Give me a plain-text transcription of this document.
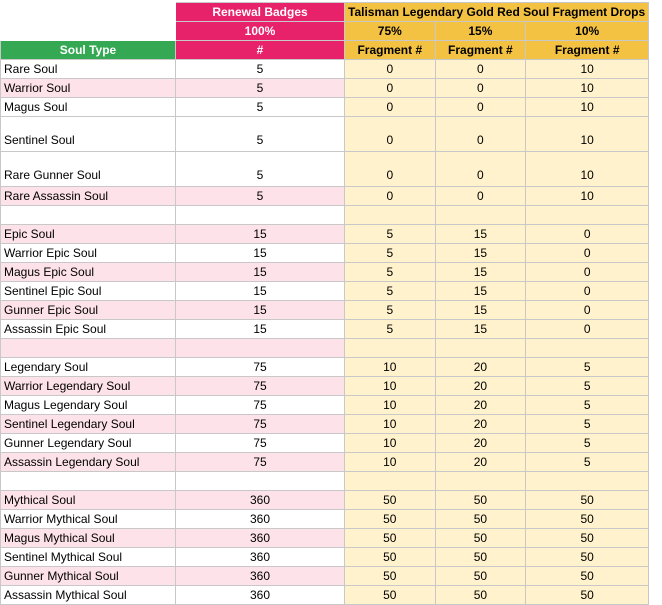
	Renewal Badges	Talisman Legendary Gold Red Soul Fragment Drops		
	100%	75%	15%	10%
Soul Type	#	Fragment #	Fragment #	Fragment #
Rare Soul	5	0	0	10
Warrior Soul	5	0	0	10
Magus Soul	5	0	0	10
Sentinel Soul	5	0	0	10
Rare Gunner Soul	5	0	0	10
Rare Assassin Soul	5	0	0	10

Epic Soul	15	5	15	0
Warrior Epic Soul	15	5	15	0
Magus Epic Soul	15	5	15	0
Sentinel Epic Soul	15	5	15	0
Gunner Epic Soul	15	5	15	0
Assassin Epic Soul	15	5	15	0

Legendary Soul	75	10	20	5
Warrior Legendary Soul	75	10	20	5
Magus Legendary Soul	75	10	20	5
Sentinel Legendary Soul	75	10	20	5
Gunner Legendary Soul	75	10	20	5
Assassin Legendary Soul	75	10	20	5

Mythical Soul	360	50	50	50
Warrior Mythical Soul	360	50	50	50
Magus Mythical Soul	360	50	50	50
Sentinel Mythical Soul	360	50	50	50
Gunner Mythical Soul	360	50	50	50
Assassin Mythical Soul	360	50	50	50
